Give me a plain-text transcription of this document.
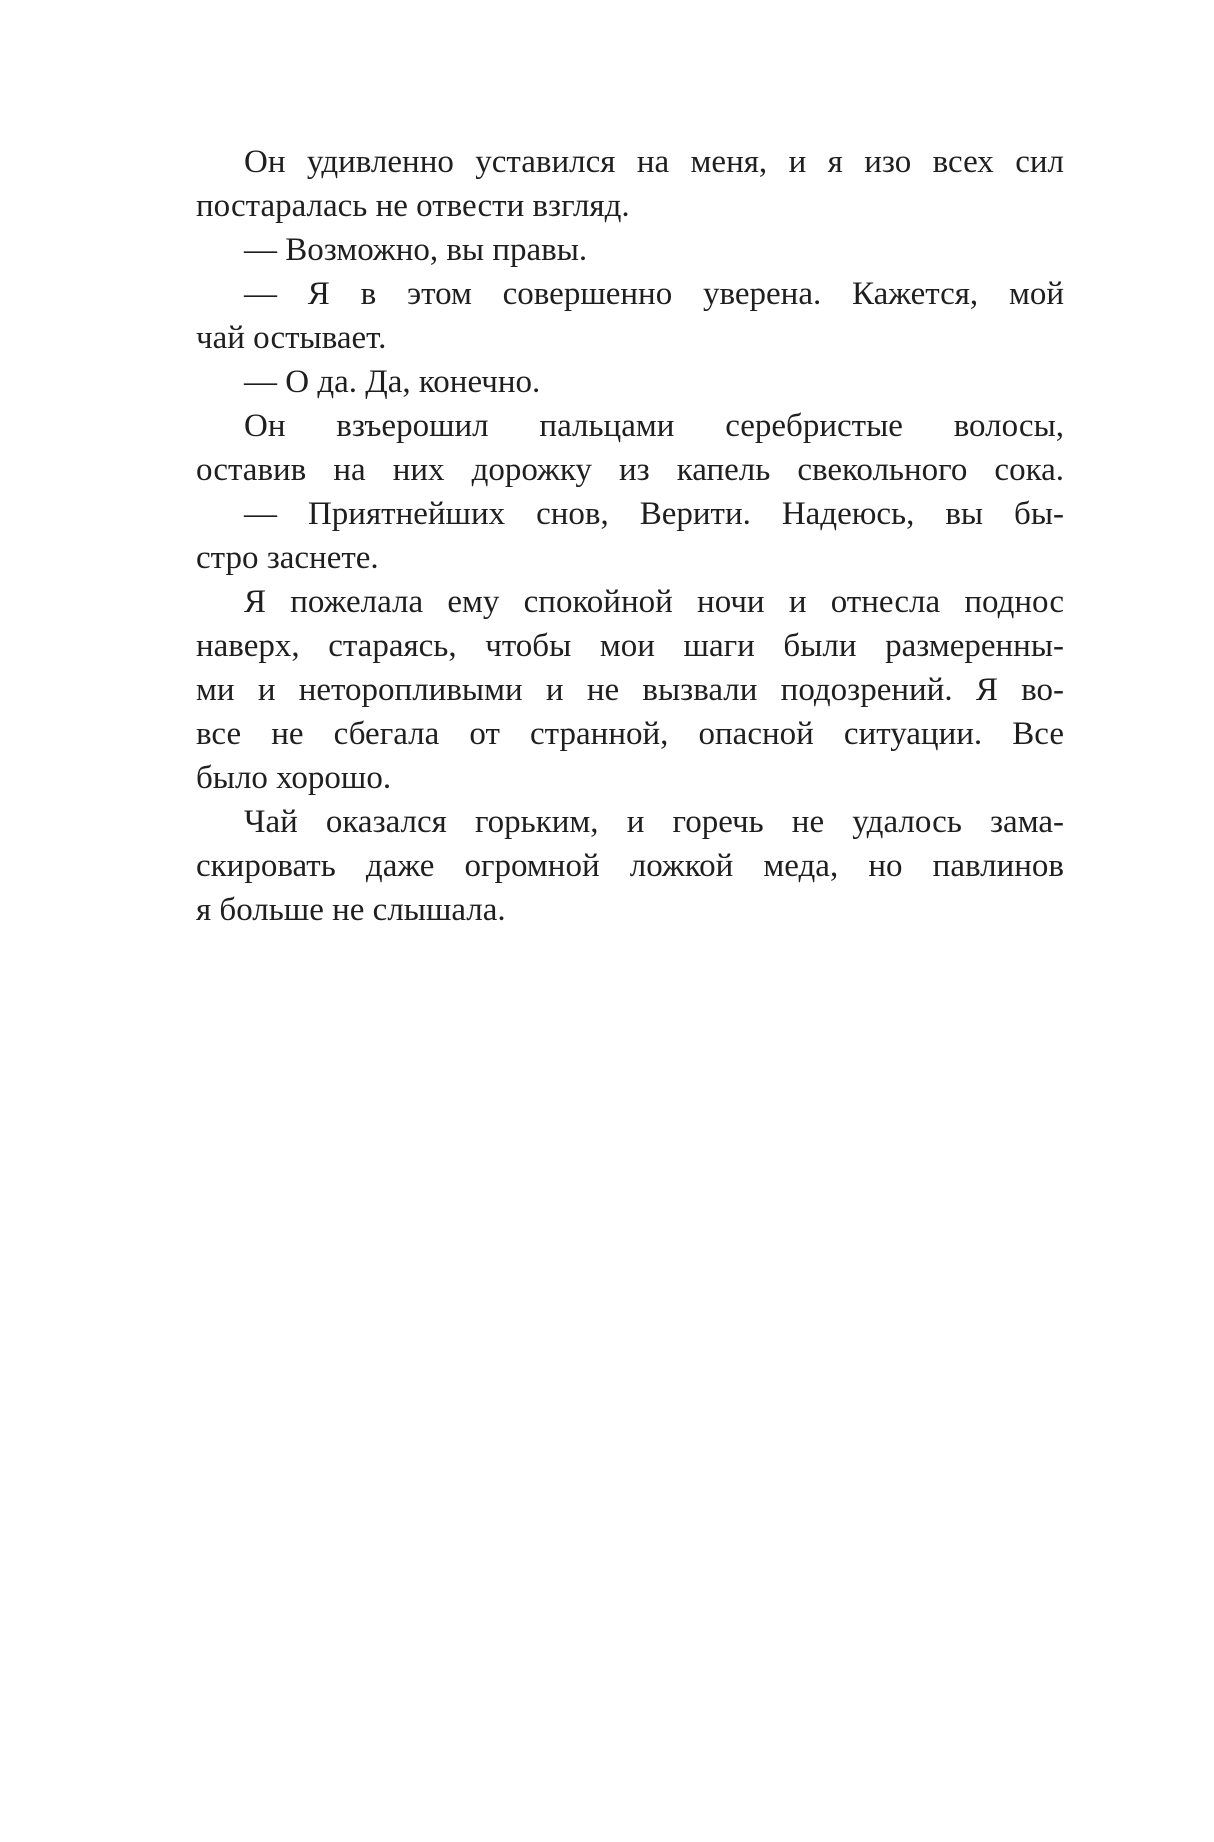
Он удивленно уставился на меня, и я изо всех сил
постаралась не отвести взгляд.
— Возможно, вы правы.
— Я в этом совершенно уверена. Кажется, мой
чай остывает.
— О да. Да, конечно.
Он взъерошил пальцами серебристые волосы,
оставив на них дорожку из капель свекольного сока.
— Приятнейших снов, Верити. Надеюсь, вы бы-
стро заснете.
Я пожелала ему спокойной ночи и отнесла поднос
наверх, стараясь, чтобы мои шаги были размеренны-
ми и неторопливыми и не вызвали подозрений. Я во-
все не сбегала от странной, опасной ситуации. Все
было хорошо.
Чай оказался горьким, и горечь не удалось зама-
скировать даже огромной ложкой меда, но павлинов
я больше не слышала.
